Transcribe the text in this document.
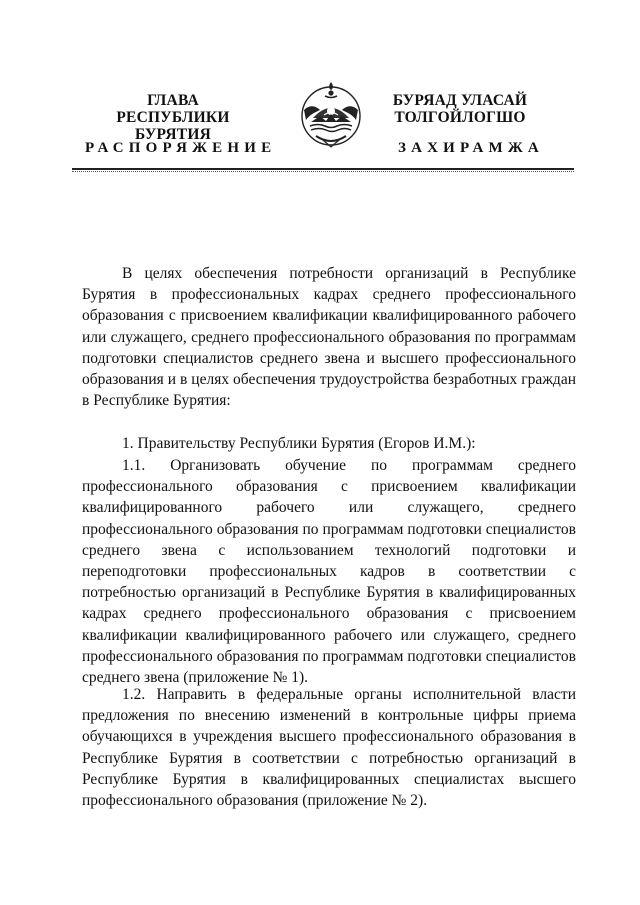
ГЛАВА
РЕСПУБЛИКИ БУРЯТИЯ
БУРЯАД УЛАСАЙ
ТОЛГОЙЛОГШО
РАСПОРЯЖЕНИЕ	ЗАХИРАМЖА

В целях обеспечения потребности организаций в Республике Бурятия в профессиональных кадрах среднего профессионального образования с присвоением квалификации квалифицированного рабочего или служащего, среднего профессионального образования по программам подготовки специалистов среднего звена и высшего профессионального образования и в целях обеспечения трудоустройства безработных граждан в Республике Бурятия:

1. Правительству Республики Бурятия (Егоров И.М.):

1.1. Организовать обучение по программам среднего профессионального образования с присвоением квалификации квалифицированного рабочего или служащего, среднего профессионального образования по программам подготовки специалистов среднего звена с использованием технологий подготовки и переподготовки профессиональных кадров в соответствии с потребностью организаций в Республике Бурятия в квалифицированных кадрах среднего профессионального образования с присвоением квалификации квалифицированного рабочего или служащего, среднего профессионального образования по программам подготовки специалистов среднего звена (приложение № 1).

1.2. Направить в федеральные органы исполнительной власти предложения по внесению изменений в контрольные цифры приема обучающихся в учреждения высшего профессионального образования в Республике Бурятия в соответствии с потребностью организаций в Республике Бурятия в квалифицированных специалистах высшего профессионального образования (приложение № 2).
